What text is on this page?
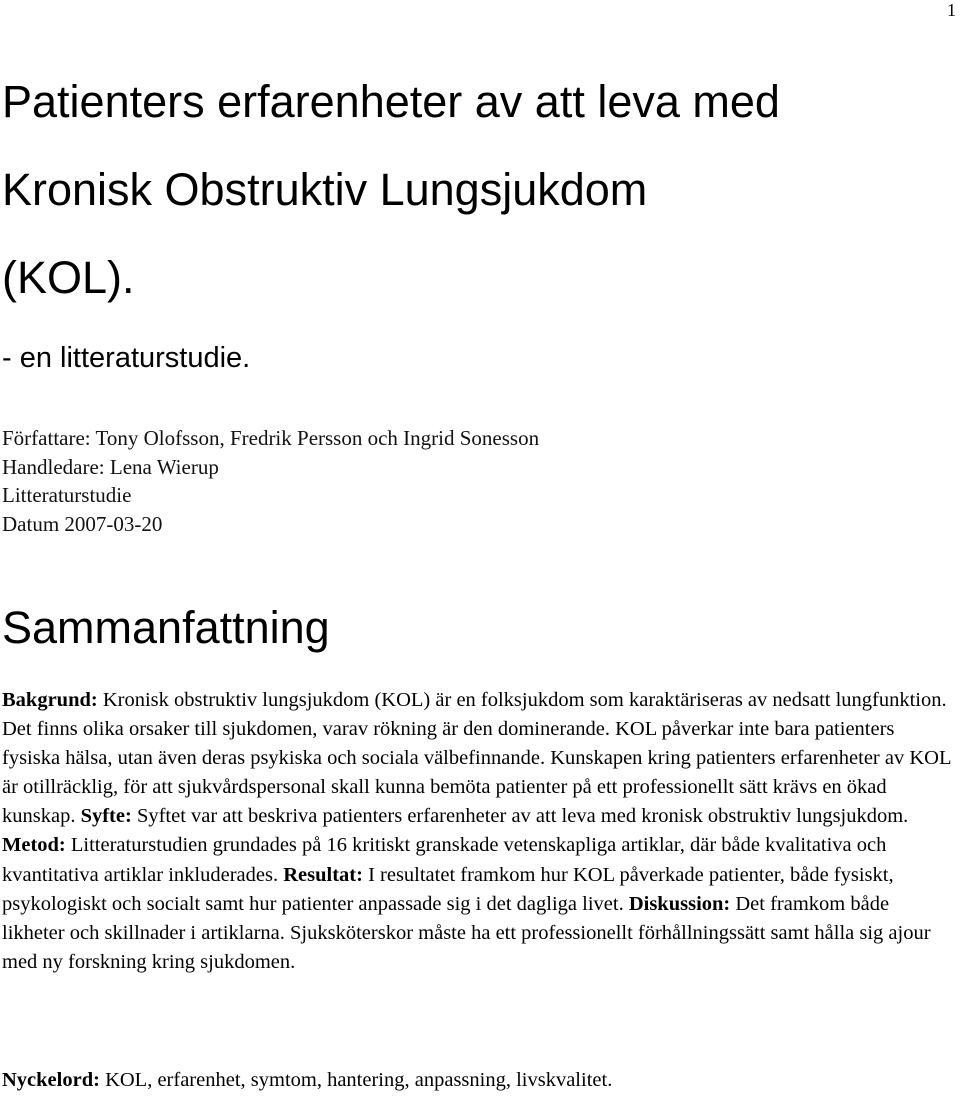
1
Patienters erfarenheter av att leva med
Kronisk Obstruktiv Lungsjukdom
(KOL).

- en litteraturstudie.

Författare: Tony Olofsson, Fredrik Persson och Ingrid Sonesson
Handledare: Lena Wierup
Litteraturstudie
Datum 2007-03-20
Sammanfattning

Bakgrund: Kronisk obstruktiv lungsjukdom (KOL) är en folksjukdom som karaktäriseras av nedsatt lungfunktion. Det finns olika orsaker till sjukdomen, varav rökning är den dominerande. KOL påverkar inte bara patienters fysiska hälsa, utan även deras psykiska och sociala välbefinnande. Kunskapen kring patienters erfarenheter av KOL är otillräcklig, för att sjukvårdspersonal skall kunna bemöta patienter på ett professionellt sätt krävs en ökad kunskap. Syfte: Syftet var att beskriva patienters erfarenheter av att leva med kronisk obstruktiv lungsjukdom. Metod: Litteraturstudien grundades på 16 kritiskt granskade vetenskapliga artiklar, där både kvalitativa och kvantitativa artiklar inkluderades. Resultat: I resultatet framkom hur KOL påverkade patienter, både fysiskt, psykologiskt och socialt samt hur patienter anpassade sig i det dagliga livet. Diskussion: Det framkom både likheter och skillnader i artiklarna. Sjuksköterskor måste ha ett professionellt förhållningssätt samt hålla sig ajour med ny forskning kring sjukdomen.

Nyckelord: KOL, erfarenhet, symtom, hantering, anpassning, livskvalitet.
